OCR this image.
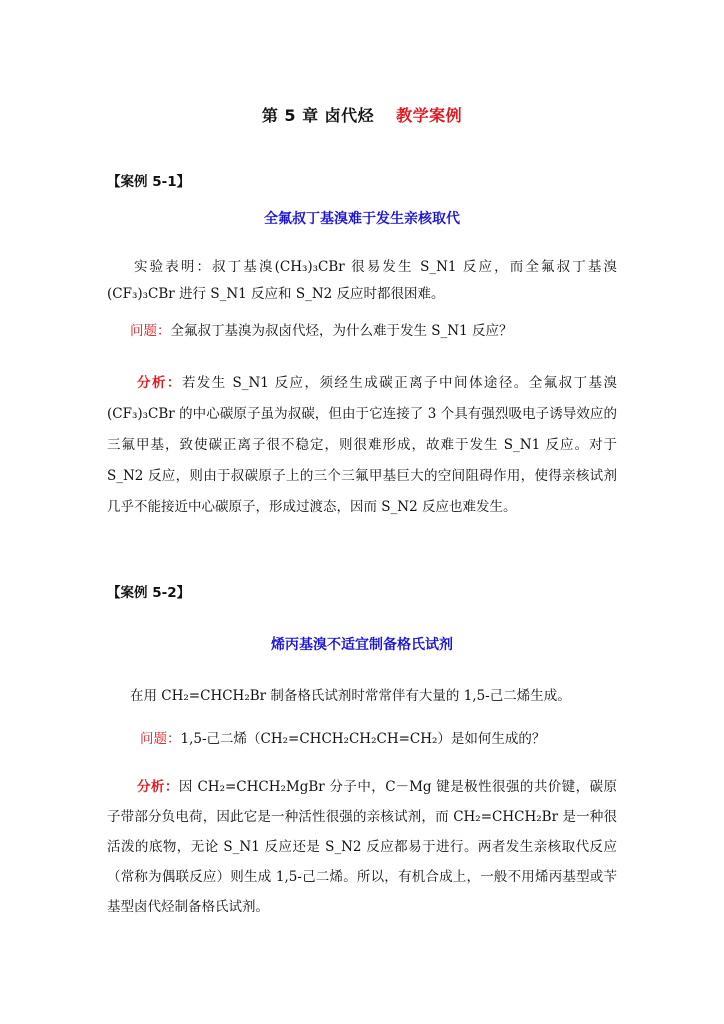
第 5 章 卤代烃 教学案例
【案例 5-1】
全氟叔丁基溴难于发生亲核取代
实验表明：叔丁基溴(CH₃)₃CBr 很易发生 S_N1 反应，而全氟叔丁基溴(CF₃)₃CBr 进行 S_N1 反应和 S_N2 反应时都很困难。
问题：全氟叔丁基溴为叔卤代烃，为什么难于发生 S_N1 反应？
分析：若发生 S_N1 反应，须经生成碳正离子中间体途径。全氟叔丁基溴(CF₃)₃CBr 的中心碳原子虽为叔碳，但由于它连接了 3 个具有强烈吸电子诱导效应的三氟甲基，致使碳正离子很不稳定，则很难形成，故难于发生 S_N1 反应。对于 S_N2 反应，则由于叔碳原子上的三个三氟甲基巨大的空间阻碍作用，使得亲核试剂几乎不能接近中心碳原子，形成过渡态，因而 S_N2 反应也难发生。
【案例 5-2】
烯丙基溴不适宜制备格氏试剂
在用 CH₂=CHCH₂Br 制备格氏试剂时常常伴有大量的 1,5-己二烯生成。
问题：1,5-己二烯（CH₂=CHCH₂CH₂CH=CH₂）是如何生成的？
分析：因 CH₂=CHCH₂MgBr 分子中，C－Mg 键是极性很强的共价键，碳原子带部分负电荷，因此它是一种活性很强的亲核试剂，而 CH₂=CHCH₂Br 是一种很活泼的底物，无论 S_N1 反应还是 S_N2 反应都易于进行。两者发生亲核取代反应（常称为偶联反应）则生成 1,5-己二烯。所以，有机合成上，一般不用烯丙基型或苄基型卤代烃制备格氏试剂。
